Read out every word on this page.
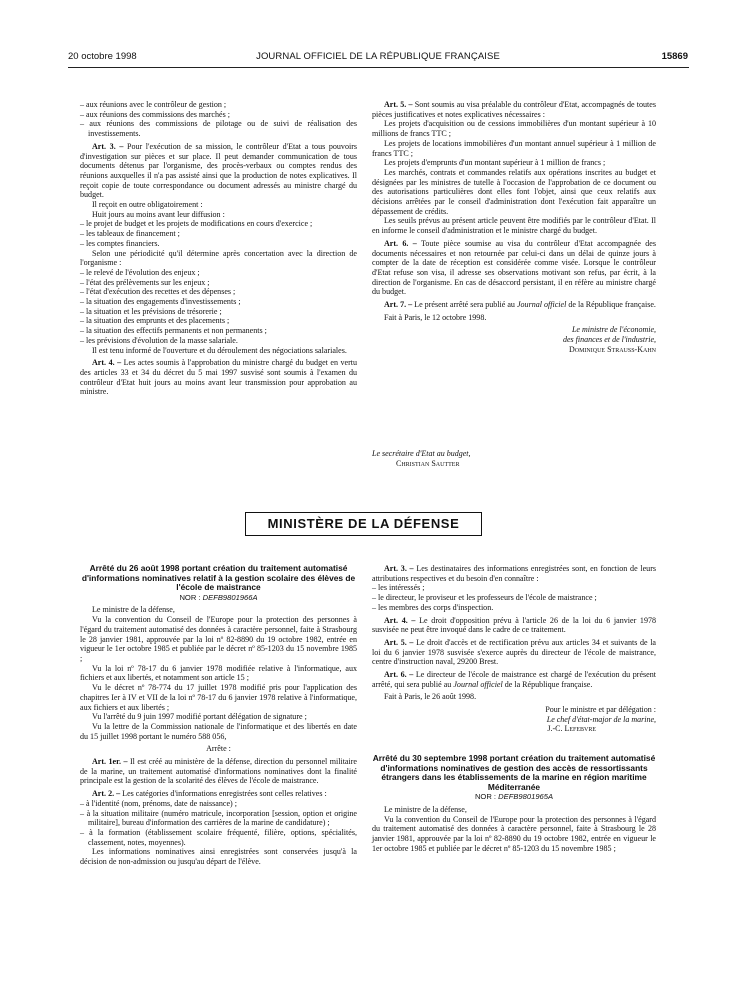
20 octobre 1998	JOURNAL OFFICIEL DE LA RÉPUBLIQUE FRANÇAISE	15869

– aux réunions avec le contrôleur de gestion ;

– aux réunions des commissions des marchés ;

– aux réunions des commissions de pilotage ou de suivi de réalisation des investissements.

Art. 3. – Pour l'exécution de sa mission, le contrôleur d'Etat a tous pouvoirs d'investigation sur pièces et sur place. Il peut demander communication de tous documents détenus par l'organisme, des procès-verbaux ou comptes rendus des réunions auxquelles il n'a pas assisté ainsi que la production de notes explicatives. Il reçoit copie de toute correspondance ou document adressés au ministre chargé du budget.

Il reçoit en outre obligatoirement :

Huit jours au moins avant leur diffusion :

– le projet de budget et les projets de modifications en cours d'exercice ;

– les tableaux de financement ;

– les comptes financiers.

Selon une périodicité qu'il détermine après concertation avec la direction de l'organisme :

– le relevé de l'évolution des enjeux ;

– l'état des prélèvements sur les enjeux ;

– l'état d'exécution des recettes et des dépenses ;

– la situation des engagements d'investissements ;

– la situation et les prévisions de trésorerie ;

– la situation des emprunts et des placements ;

– la situation des effectifs permanents et non permanents ;

– les prévisions d'évolution de la masse salariale.

Il est tenu informé de l'ouverture et du déroulement des négociations salariales.

Art. 4. – Les actes soumis à l'approbation du ministre chargé du budget en vertu des articles 33 et 34 du décret du 5 mai 1997 susvisé sont soumis à l'examen du contrôleur d'Etat huit jours au moins avant leur transmission pour approbation au ministre.

Art. 5. – Sont soumis au visa préalable du contrôleur d'Etat, accompagnés de toutes pièces justificatives et notes explicatives nécessaires :

Les projets d'acquisition ou de cessions immobilières d'un montant supérieur à 10 millions de francs TTC ;

Les projets de locations immobilières d'un montant annuel supérieur à 1 million de francs TTC ;

Les projets d'emprunts d'un montant supérieur à 1 million de francs ;

Les marchés, contrats et commandes relatifs aux opérations inscrites au budget et désignées par les ministres de tutelle à l'occasion de l'approbation de ce document ou des autorisations particulières dont elles font l'objet, ainsi que ceux relatifs aux décisions arrêtées par le conseil d'administration dont l'exécution fait apparaître un dépassement de crédits.

Les seuils prévus au présent article peuvent être modifiés par le contrôleur d'Etat. Il en informe le conseil d'administration et le ministre chargé du budget.

Art. 6. – Toute pièce soumise au visa du contrôleur d'Etat accompagnée des documents nécessaires et non retournée par celui-ci dans un délai de quinze jours à compter de la date de réception est considérée comme visée. Lorsque le contrôleur d'Etat refuse son visa, il adresse ses observations motivant son refus, par écrit, à la direction de l'organisme. En cas de désaccord persistant, il en réfère au ministre chargé du budget.

Art. 7. – Le présent arrêté sera publié au Journal officiel de la République française.

Fait à Paris, le 12 octobre 1998.

Le ministre de l'économie,

des finances et de l'industrie,

Dominique Strauss-Kahn

Le secrétaire d'Etat au budget,

Christian Sautter

MINISTÈRE DE LA DÉFENSE

Arrêté du 26 août 1998 portant création du traitement automatisé d'informations nominatives relatif à la gestion scolaire des élèves de l'école de maistrance

NOR : DEFB9801966A

Le ministre de la défense,

Vu la convention du Conseil de l'Europe pour la protection des personnes à l'égard du traitement automatisé des données à caractère personnel, faite à Strasbourg le 28 janvier 1981, approuvée par la loi nº 82-8890 du 19 octobre 1982, entrée en vigueur le 1er octobre 1985 et publiée par le décret nº 85-1203 du 15 novembre 1985 ;

Vu la loi nº 78-17 du 6 janvier 1978 modifiée relative à l'informatique, aux fichiers et aux libertés, et notamment son article 15 ;

Vu le décret nº 78-774 du 17 juillet 1978 modifié pris pour l'application des chapitres Ier à IV et VII de la loi nº 78-17 du 6 janvier 1978 relative à l'informatique, aux fichiers et aux libertés ;

Vu l'arrêté du 9 juin 1997 modifié portant délégation de signature ;

Vu la lettre de la Commission nationale de l'informatique et des libertés en date du 15 juillet 1998 portant le numéro 588 056,

Arrête :

Art. 1er. – Il est créé au ministère de la défense, direction du personnel militaire de la marine, un traitement automatisé d'informations nominatives dont la finalité principale est la gestion de la scolarité des élèves de l'école de maistrance.

Art. 2. – Les catégories d'informations enregistrées sont celles relatives :

– à l'identité (nom, prénoms, date de naissance) ;

– à la situation militaire (numéro matricule, incorporation [session, option et origine militaire], bureau d'information des carrières de la marine de candidature) ;

– à la formation (établissement scolaire fréquenté, filière, options, spécialités, classement, notes, moyennes).

Les informations nominatives ainsi enregistrées sont conservées jusqu'à la décision de non-admission ou jusqu'au départ de l'élève.

Art. 3. – Les destinataires des informations enregistrées sont, en fonction de leurs attributions respectives et du besoin d'en connaître :

– les intéressés ;

– le directeur, le proviseur et les professeurs de l'école de maistrance ;

– les membres des corps d'inspection.

Art. 4. – Le droit d'opposition prévu à l'article 26 de la loi du 6 janvier 1978 susvisée ne peut être invoqué dans le cadre de ce traitement.

Art. 5. – Le droit d'accès et de rectification prévu aux articles 34 et suivants de la loi du 6 janvier 1978 susvisée s'exerce auprès du directeur de l'école de maistrance, centre d'instruction naval, 29200 Brest.

Art. 6. – Le directeur de l'école de maistrance est chargé de l'exécution du présent arrêté, qui sera publié au Journal officiel de la République française.

Fait à Paris, le 26 août 1998.

Pour le ministre et par délégation :

Le chef d'état-major de la marine,

J.-C. Lefebvre

Arrêté du 30 septembre 1998 portant création du traitement automatisé d'informations nominatives de gestion des accès de ressortissants étrangers dans les établissements de la marine en région maritime Méditerranée

NOR : DEFB9801965A

Le ministre de la défense,

Vu la convention du Conseil de l'Europe pour la protection des personnes à l'égard du traitement automatisé des données à caractère personnel, faite à Strasbourg le 28 janvier 1981, approuvée par la loi nº 82-8890 du 19 octobre 1982, entrée en vigueur le 1er octobre 1985 et publiée par le décret nº 85-1203 du 15 novembre 1985 ;
